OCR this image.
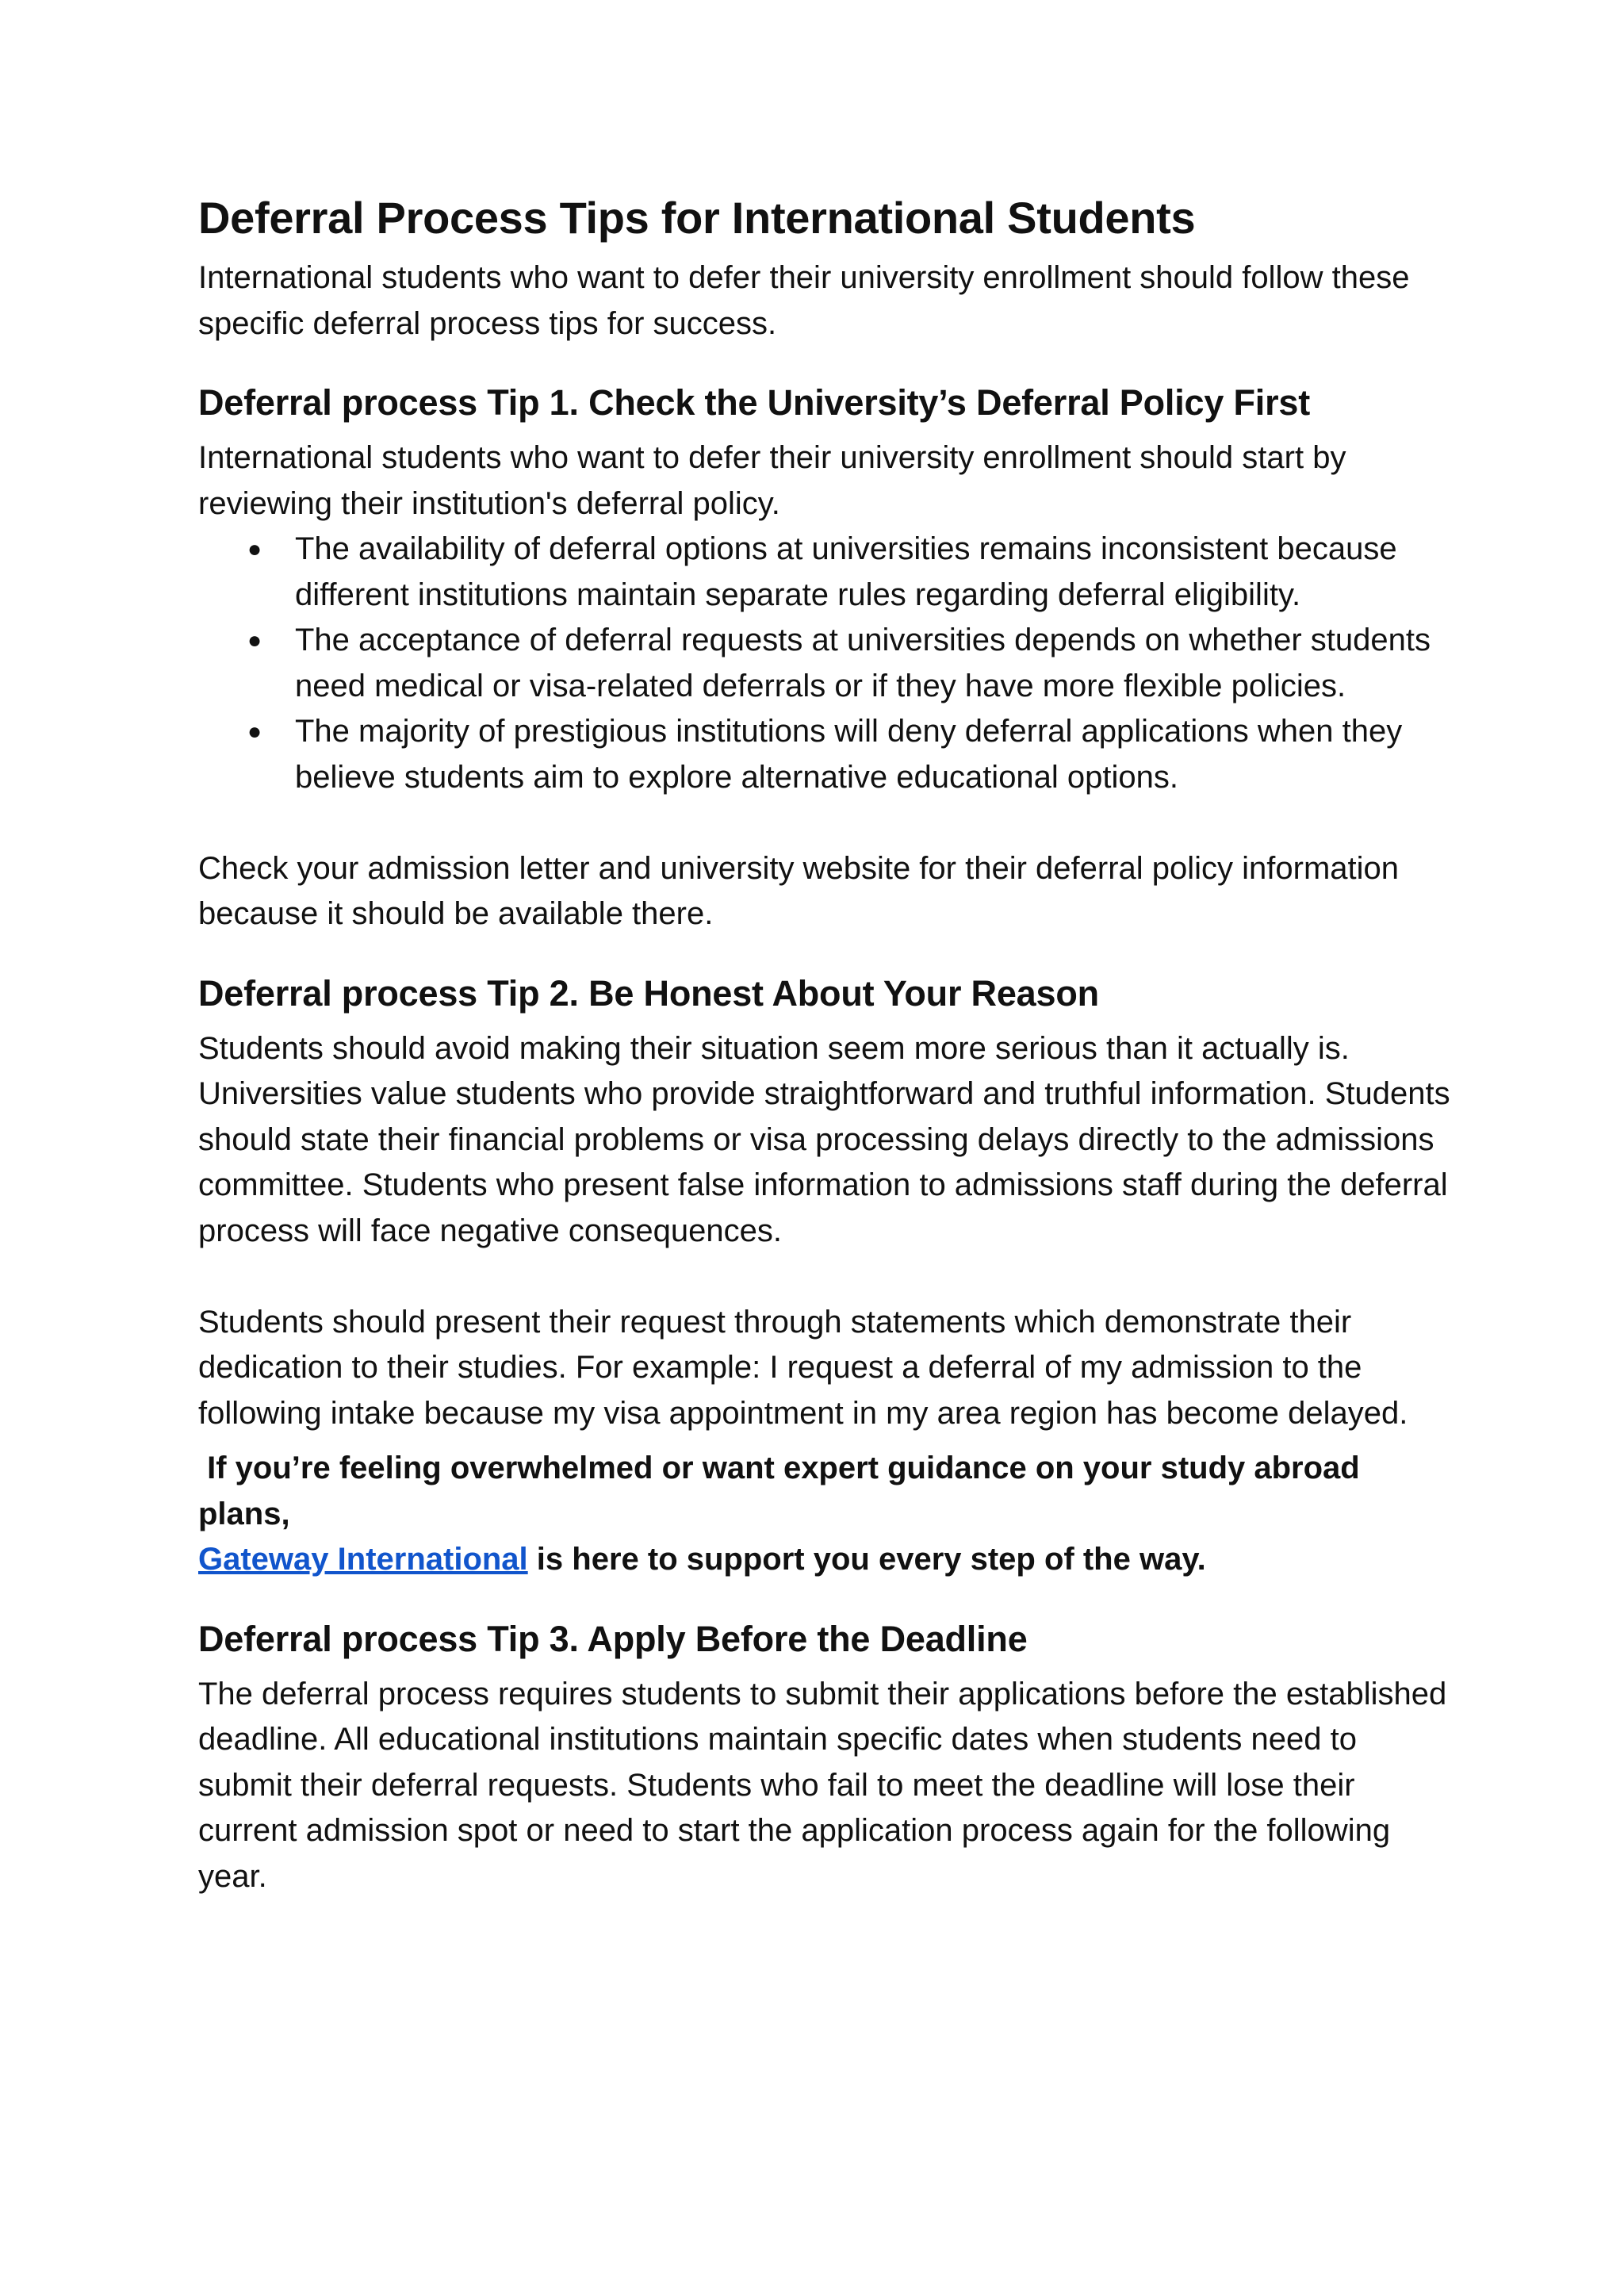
Deferral Process Tips for International Students

International students who want to defer their university enrollment should follow these specific deferral process tips for success.

Deferral process Tip 1. Check the University’s Deferral Policy First

International students who want to defer their university enrollment should start by reviewing their institution's deferral policy.

● The availability of deferral options at universities remains inconsistent because different institutions maintain separate rules regarding deferral eligibility.
● The acceptance of deferral requests at universities depends on whether students need medical or visa-related deferrals or if they have more flexible policies.
● The majority of prestigious institutions will deny deferral applications when they believe students aim to explore alternative educational options.

Check your admission letter and university website for their deferral policy information because it should be available there.

Deferral process Tip 2. Be Honest About Your Reason

Students should avoid making their situation seem more serious than it actually is. Universities value students who provide straightforward and truthful information. Students should state their financial problems or visa processing delays directly to the admissions committee. Students who present false information to admissions staff during the deferral process will face negative consequences.

Students should present their request through statements which demonstrate their dedication to their studies. For example: I request a deferral of my admission to the following intake because my visa appointment in my area region has become delayed.

If you’re feeling overwhelmed or want expert guidance on your study abroad plans,
Gateway International is here to support you every step of the way.

Deferral process Tip 3. Apply Before the Deadline

The deferral process requires students to submit their applications before the established deadline. All educational institutions maintain specific dates when students need to submit their deferral requests. Students who fail to meet the deadline will lose their current admission spot or need to start the application process again for the following year.
